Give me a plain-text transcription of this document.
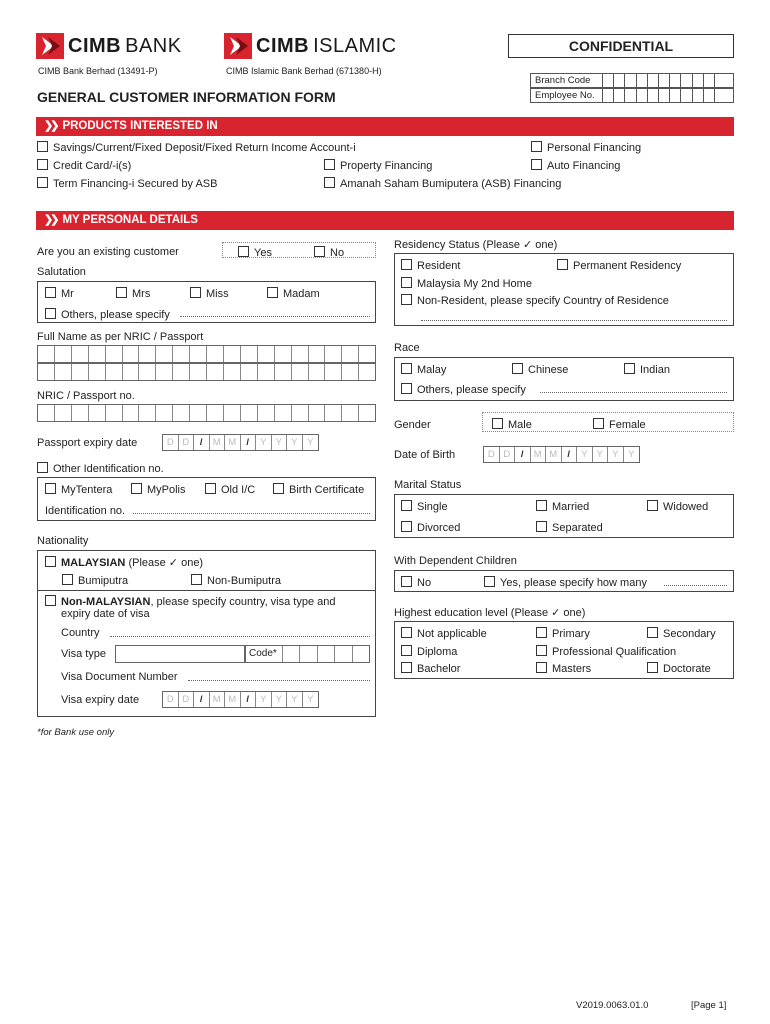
CIMB BANK	CIMB ISLAMIC
CIMB Bank Berhad (13491-P)	CIMB Islamic Bank Berhad (671380-H)
CONFIDENTIAL
Branch Code
Employee No.
GENERAL CUSTOMER INFORMATION FORM
❯❯ PRODUCTS INTERESTED IN
Savings/Current/Fixed Deposit/Fixed Return Income Account-i	Personal Financing
Credit Card/-i(s)	Property Financing	Auto Financing
Term Financing-i Secured by ASB	Amanah Saham Bumiputera (ASB) Financing
❯❯ MY PERSONAL DETAILS
Are you an existing customer	Yes	No
Salutation
Mr	Mrs	Miss	Madam
Others, please specify
Full Name as per NRIC / Passport
NRIC / Passport no.
Passport expiry date	D D	/	M M	/	Y Y Y	Y
Other Identification no.
MyTentera	MyPolis	Old I/C	Birth Certificate
Identification no.
Nationality
MALAYSIAN (Please ✓ one)
Bumiputra	Non-Bumiputra
Non-MALAYSIAN, please specify country, visa type and
expiry date of visa
Country
Visa type	Code*
Visa Document Number
Visa expiry date	D D	/	M M	/	Y Y Y	Y
*for Bank use only
Residency Status (Please ✓ one)
Resident	Permanent Residency
Malaysia My 2nd Home
Non-Resident, please specify Country of Residence
Race
Malay	Chinese	Indian
Others, please specify
Gender	Male	Female
Date of Birth	D D	/	M M	/	Y Y Y	Y
Marital Status
Single	Married	Widowed
Divorced	Separated
With Dependent Children
No	Yes, please specify how many
Highest education level (Please ✓ one)
Not applicable	Primary	Secondary
Diploma	Professional Qualification
Bachelor	Masters	Doctorate
V2019.0063.01.0	[Page 1]
